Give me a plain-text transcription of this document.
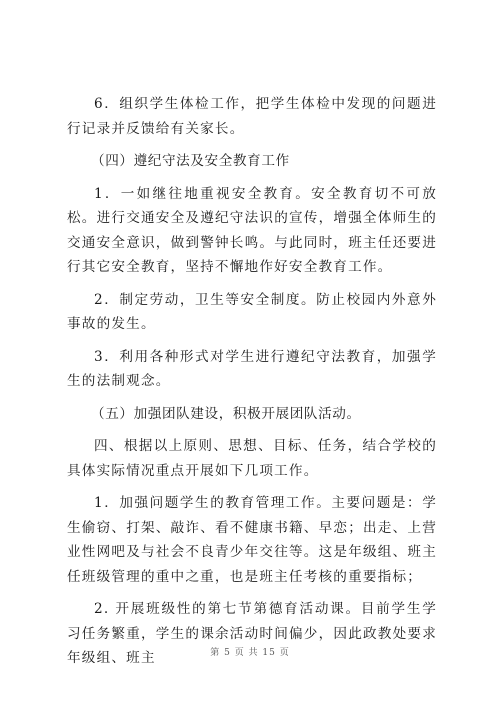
6．组织学生体检工作，把学生体检中发现的问题进行记录并反馈给有关家长。

（四）遵纪守法及安全教育工作

1．一如继往地重视安全教育。安全教育切不可放松。进行交通安全及遵纪守法识的宣传，增强全体师生的交通安全意识，做到警钟长鸣。与此同时，班主任还要进行其它安全教育，坚持不懈地作好安全教育工作。

2．制定劳动，卫生等安全制度。防止校园内外意外事故的发生。

3．利用各种形式对学生进行遵纪守法教育，加强学生的法制观念。

（五）加强团队建设，积极开展团队活动。

四、根据以上原则、思想、目标、任务，结合学校的具体实际情况重点开展如下几项工作。

1．加强问题学生的教育管理工作。主要问题是：学生偷窃、打架、敲诈、看不健康书籍、早恋；出走、上营业性网吧及与社会不良青少年交往等。这是年级组、班主任班级管理的重中之重，也是班主任考核的重要指标；

2. 开展班级性的第七节第德育活动课。目前学生学习任务繁重，学生的课余活动时间偏少，因此政教处要求年级组、班主	第 5 页 共 15 页
